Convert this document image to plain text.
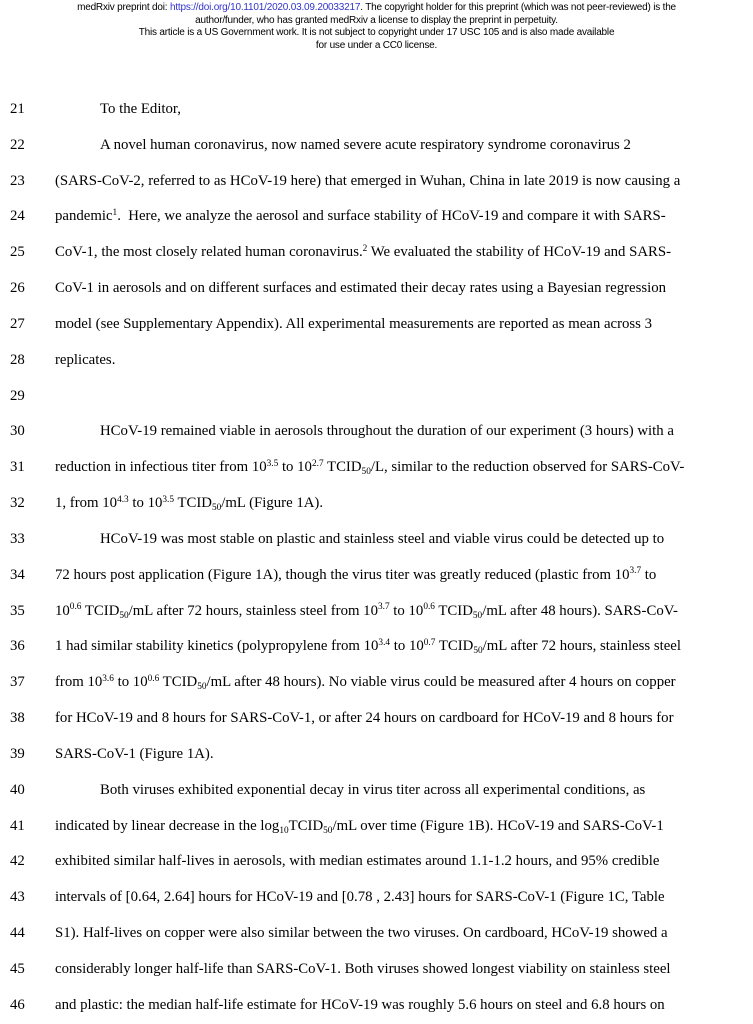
medRxiv preprint doi: https://doi.org/10.1101/2020.03.09.20033217. The copyright holder for this preprint (which was not peer-reviewed) is the
author/funder, who has granted medRxiv a license to display the preprint in perpetuity.
This article is a US Government work. It is not subject to copyright under 17 USC 105 and is also made available
for use under a CC0 license.
21	To the Editor,
22	A novel human coronavirus, now named severe acute respiratory syndrome coronavirus 2
23 (SARS-CoV-2, referred to as HCoV-19 here) that emerged in Wuhan, China in late 2019 is now causing a
24 pandemic$^1$.  Here, we analyze the aerosol and surface stability of HCoV-19 and compare it with SARS-
25 CoV-1, the most closely related human coronavirus.$^2$ We evaluated the stability of HCoV-19 and SARS-
26 CoV-1 in aerosols and on different surfaces and estimated their decay rates using a Bayesian regression
27 model (see Supplementary Appendix). All experimental measurements are reported as mean across 3
28 replicates.
29
30	HCoV-19 remained viable in aerosols throughout the duration of our experiment (3 hours) with a
31 reduction in infectious titer from $10^{3.5}$ to $10^{2.7}$ $TCID_{50}/L$, similar to the reduction observed for SARS-CoV-
32 1, from $10^{4.3}$ to $10^{3.5}$ $TCID_{50}/mL$ (Figure 1A).
33	HCoV-19 was most stable on plastic and stainless steel and viable virus could be detected up to
34 72 hours post application (Figure 1A), though the virus titer was greatly reduced (plastic from $10^{3.7}$ to
35 $10^{0.6}$ $TCID_{50}/mL$ after 72 hours, stainless steel from $10^{3.7}$ to $10^{0.6}$ $TCID_{50}/mL$ after 48 hours). SARS-CoV-
36 1 had similar stability kinetics (polypropylene from $10^{3.4}$ to $10^{0.7}$ $TCID_{50}/mL$ after 72 hours, stainless steel
37 from $10^{3.6}$ to $10^{0.6}$ $TCID_{50}/mL$ after 48 hours). No viable virus could be measured after 4 hours on copper
38 for HCoV-19 and 8 hours for SARS-CoV-1, or after 24 hours on cardboard for HCoV-19 and 8 hours for
39 SARS-CoV-1 (Figure 1A).
40	Both viruses exhibited exponential decay in virus titer across all experimental conditions, as
41 indicated by linear decrease in the $\log_{10}TCID_{50}/mL$ over time (Figure 1B). HCoV-19 and SARS-CoV-1
42 exhibited similar half-lives in aerosols, with median estimates around 1.1-1.2 hours, and 95% credible
43 intervals of [0.64, 2.64] hours for HCoV-19 and [0.78 , 2.43] hours for SARS-CoV-1 (Figure 1C, Table
44 S1). Half-lives on copper were also similar between the two viruses. On cardboard, HCoV-19 showed a
45 considerably longer half-life than SARS-CoV-1. Both viruses showed longest viability on stainless steel
46 and plastic: the median half-life estimate for HCoV-19 was roughly 5.6 hours on steel and 6.8 hours on
